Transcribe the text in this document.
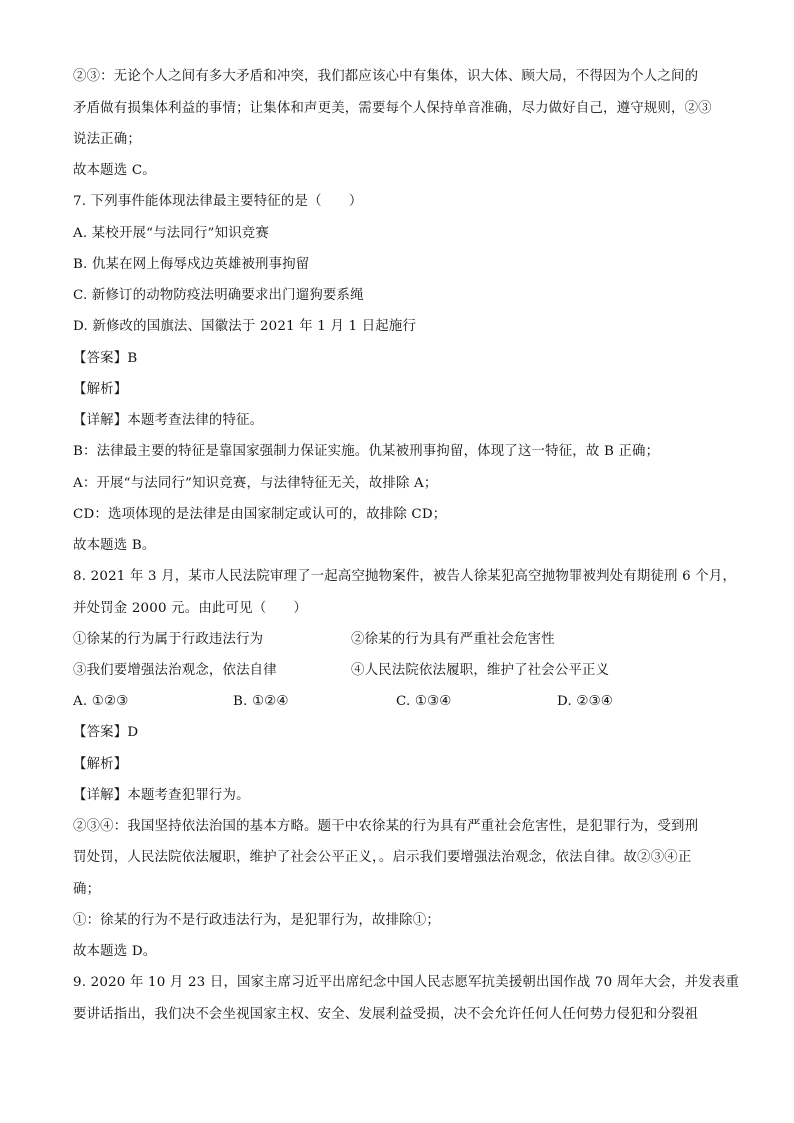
②③：无论个人之间有多大矛盾和冲突，我们都应该心中有集体，识大体、顾大局，不得因为个人之间的
矛盾做有损集体利益的事情；让集体和声更美，需要每个人保持单音准确，尽力做好自己，遵守规则，②③
说法正确；
故本题选 C。
7. 下列事件能体现法律最主要特征的是（　　）
A. 某校开展“与法同行”知识竞赛
B. 仇某在网上侮辱戍边英雄被刑事拘留
C. 新修订的动物防疫法明确要求出门遛狗要系绳
D. 新修改的国旗法、国徽法于 2021 年 1 月 1 日起施行
【答案】B
【解析】
【详解】本题考查法律的特征。
B：法律最主要的特征是靠国家强制力保证实施。仇某被刑事拘留，体现了这一特征，故 B 正确；
A：开展“与法同行”知识竞赛，与法律特征无关，故排除 A；
CD：选项体现的是法律是由国家制定或认可的，故排除 CD；
故本题选 B。
8. 2021 年 3 月，某市人民法院审理了一起高空抛物案件，被告人徐某犯高空抛物罪被判处有期徒刑 6 个月，
并处罚金 2000 元。由此可见（　　）
①徐某的行为属于行政违法行为	②徐某的行为具有严重社会危害性
③我们要增强法治观念，依法自律	④人民法院依法履职，维护了社会公平正义
A. ①②③	B. ①②④	C. ①③④	D. ②③④
【答案】D
【解析】
【详解】本题考查犯罪行为。
②③④：我国坚持依法治国的基本方略。题干中农徐某的行为具有严重社会危害性，是犯罪行为，受到刑
罚处罚，人民法院依法履职，维护了社会公平正义，。启示我们要增强法治观念，依法自律。故②③④正
确；
①：徐某的行为不是行政违法行为，是犯罪行为，故排除①；
故本题选 D。
9. 2020 年 10 月 23 日，国家主席习近平出席纪念中国人民志愿军抗美援朝出国作战 70 周年大会，并发表重
要讲话指出，我们决不会坐视国家主权、安全、发展利益受损，决不会允许任何人任何势力侵犯和分裂祖
